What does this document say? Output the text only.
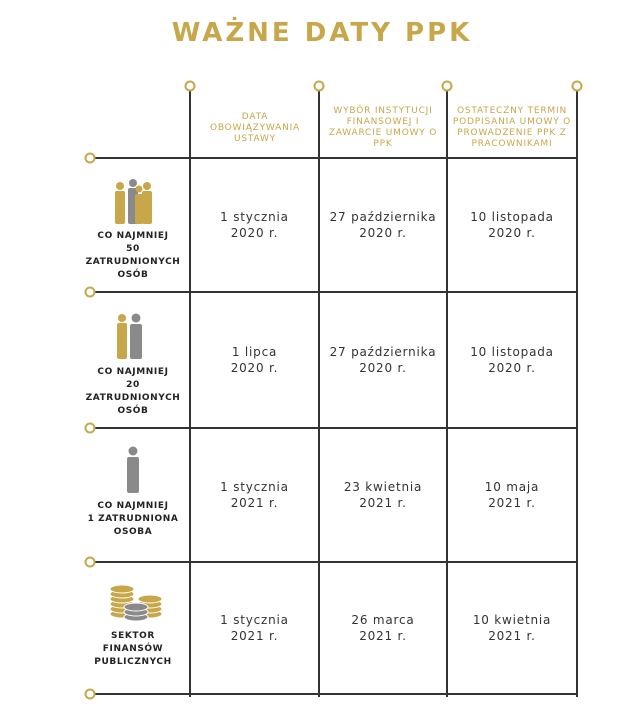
WAŻNE DATY PPK
DATA OBOWIĄZYWANIA USTAWY
WYBÓR INSTYTUCJI FINANSOWEJ I ZAWARCIE UMOWY O PPK
OSTATECZNY TERMIN PODPISANIA UMOWY O PROWADZENIE PPK Z PRACOWNIKAMI
CO NAJMNIEJ
50 ZATRUDNIONYCH
OSÓB
1 stycznia
2020 r.
27 października
2020 r.
10 listopada
2020 r.
CO NAJMNIEJ
20 ZATRUDNIONYCH
OSÓB
1 lipca
2020 r.
27 października
2020 r.
10 listopada
2020 r.
CO NAJMNIEJ
1 ZATRUDNIONA
OSOBA
1 stycznia
2021 r.
23 kwietnia
2021 r.
10 maja
2021 r.
SEKTOR
FINANSÓW
PUBLICZNYCH
1 stycznia
2021 r.
26 marca
2021 r.
10 kwietnia
2021 r.
